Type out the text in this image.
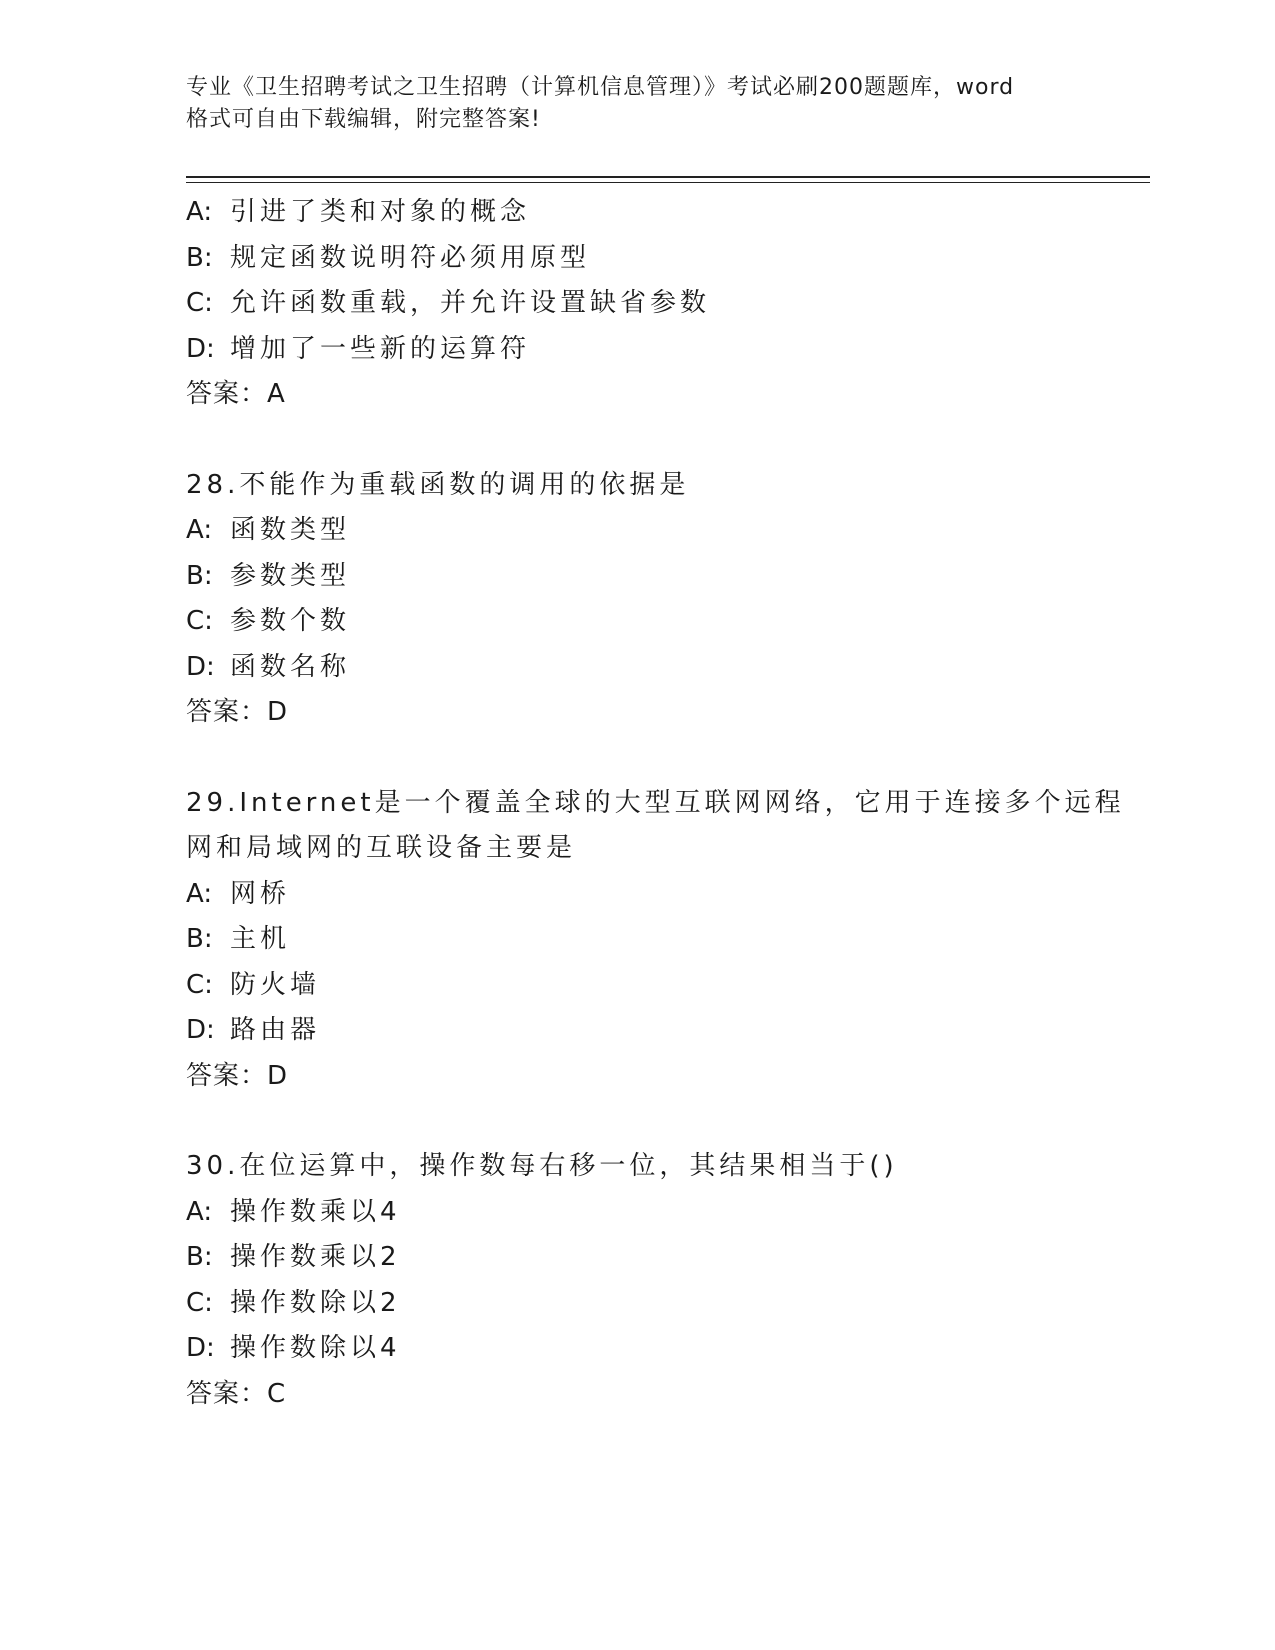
专业《卫生招聘考试之卫生招聘（计算机信息管理）》考试必刷200题题库，word
格式可自由下载编辑，附完整答案!
A: 引进了类和对象的概念
B: 规定函数说明符必须用原型
C: 允许函数重载，并允许设置缺省参数
D: 增加了一些新的运算符
答案：A
28.不能作为重载函数的调用的依据是
A: 函数类型
B: 参数类型
C: 参数个数
D: 函数名称
答案：D
29.Internet是一个覆盖全球的大型互联网网络，它用于连接多个远程
网和局域网的互联设备主要是
A: 网桥
B: 主机
C: 防火墙
D: 路由器
答案：D
30.在位运算中，操作数每右移一位，其结果相当于()
A: 操作数乘以4
B: 操作数乘以2
C: 操作数除以2
D: 操作数除以4
答案：C
